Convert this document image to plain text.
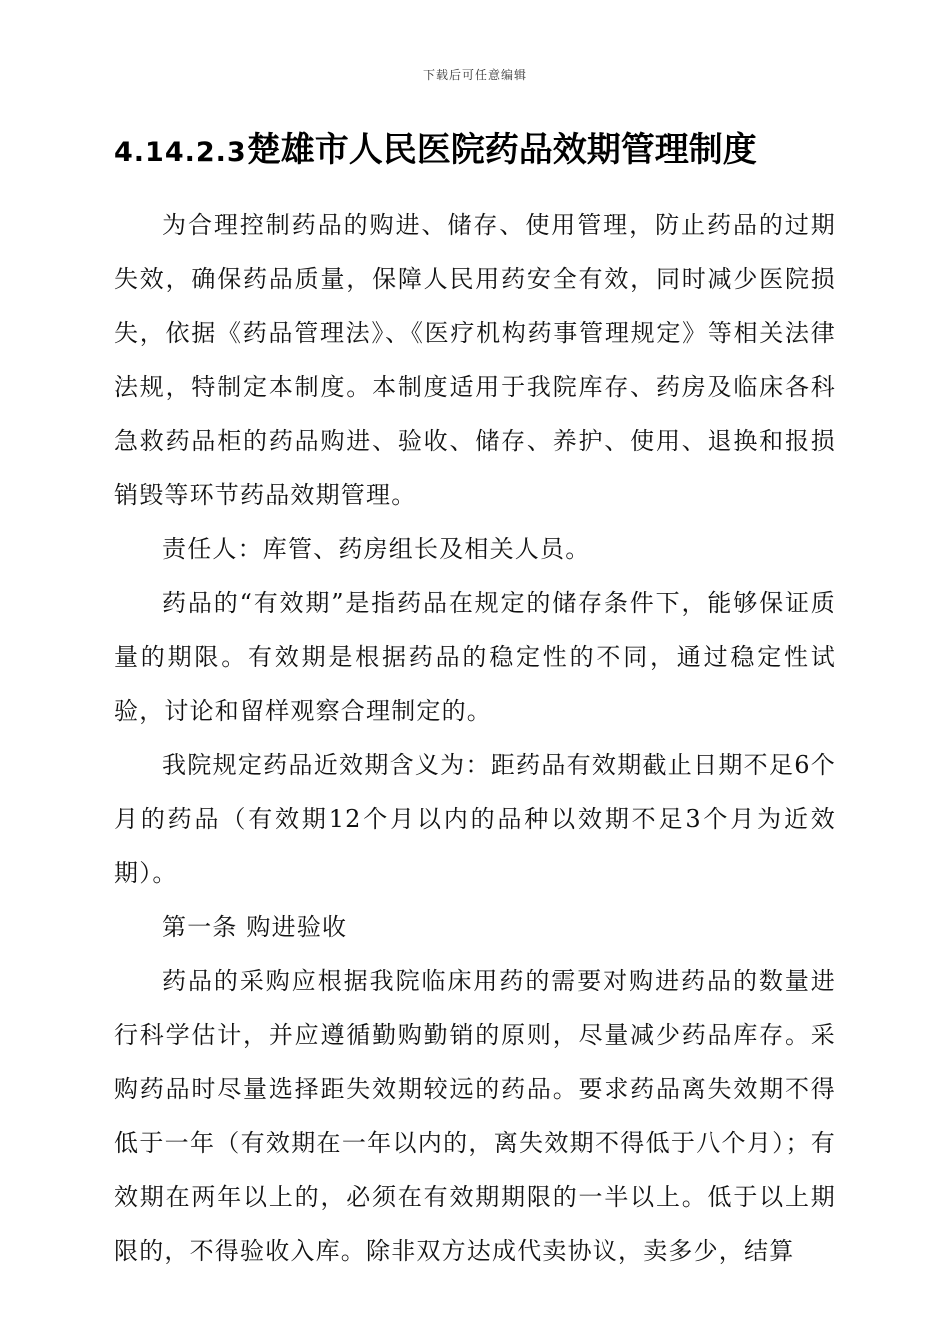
下载后可任意编辑
4.14.2.3楚雄市人民医院药品效期管理制度

为合理控制药品的购进、储存、使用管理，防止药品的过期失效，确保药品质量，保障人民用药安全有效，同时减少医院损失，依据《药品管理法》、《医疗机构药事管理规定》等相关法律法规，特制定本制度。本制度适用于我院库存、药房及临床各科急救药品柜的药品购进、验收、储存、养护、使用、退换和报损销毁等环节药品效期管理。

责任人：库管、药房组长及相关人员。

药品的“有效期”是指药品在规定的储存条件下，能够保证质量的期限。有效期是根据药品的稳定性的不同，通过稳定性试验，讨论和留样观察合理制定的。

我院规定药品近效期含义为：距药品有效期截止日期不足6个月的药品（有效期12个月以内的品种以效期不足3个月为近效期）。

第一条 购进验收

药品的采购应根据我院临床用药的需要对购进药品的数量进行科学估计，并应遵循勤购勤销的原则，尽量减少药品库存。采购药品时尽量选择距失效期较远的药品。要求药品离失效期不得低于一年（有效期在一年以内的，离失效期不得低于八个月）；有效期在两年以上的，必须在有效期期限的一半以上。低于以上期限的，不得验收入库。除非双方达成代卖协议，卖多少，结算
